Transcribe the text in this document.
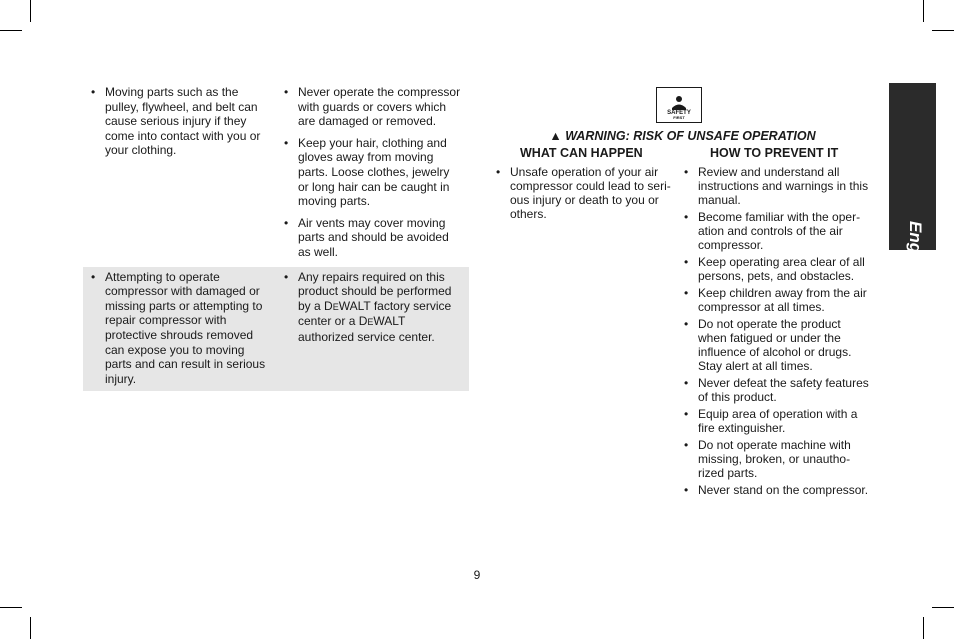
• Moving parts such as the pulley, flywheel, and belt can cause serious injury if they come into contact with you or your clothing.
• Never operate the compressor with guards or covers which are damaged or removed.
• Keep your hair, clothing and gloves away from moving parts. Loose clothes, jewelry or long hair can be caught in moving parts.
• Air vents may cover moving parts and should be avoided as well.
• Attempting to operate compressor with damaged or missing parts or attempting to repair compressor with protective shrouds removed can expose you to moving parts and can result in serious injury.
• Any repairs required on this product should be performed by a DEWALT factory service center or a DEWALT authorized service center.
SAFETY
FIRST
▲ WARNING: RISK OF UNSAFE OPERATION
WHAT CAN HAPPEN	HOW TO PREVENT IT
• Unsafe operation of your air compressor could lead to seri-ous injury or death to you or others.
• Review and understand all instructions and warnings in this manual.
• Become familiar with the oper-ation and controls of the air compressor.
• Keep operating area clear of all persons, pets, and obstacles.
• Keep children away from the air compressor at all times.
• Do not operate the product when fatigued or under the influence of alcohol or drugs. Stay alert at all times.
• Never defeat the safety features of this product.
• Equip area of operation with a fire extinguisher.
• Do not operate machine with missing, broken, or unautho-rized parts.
• Never stand on the compressor.
English
9
